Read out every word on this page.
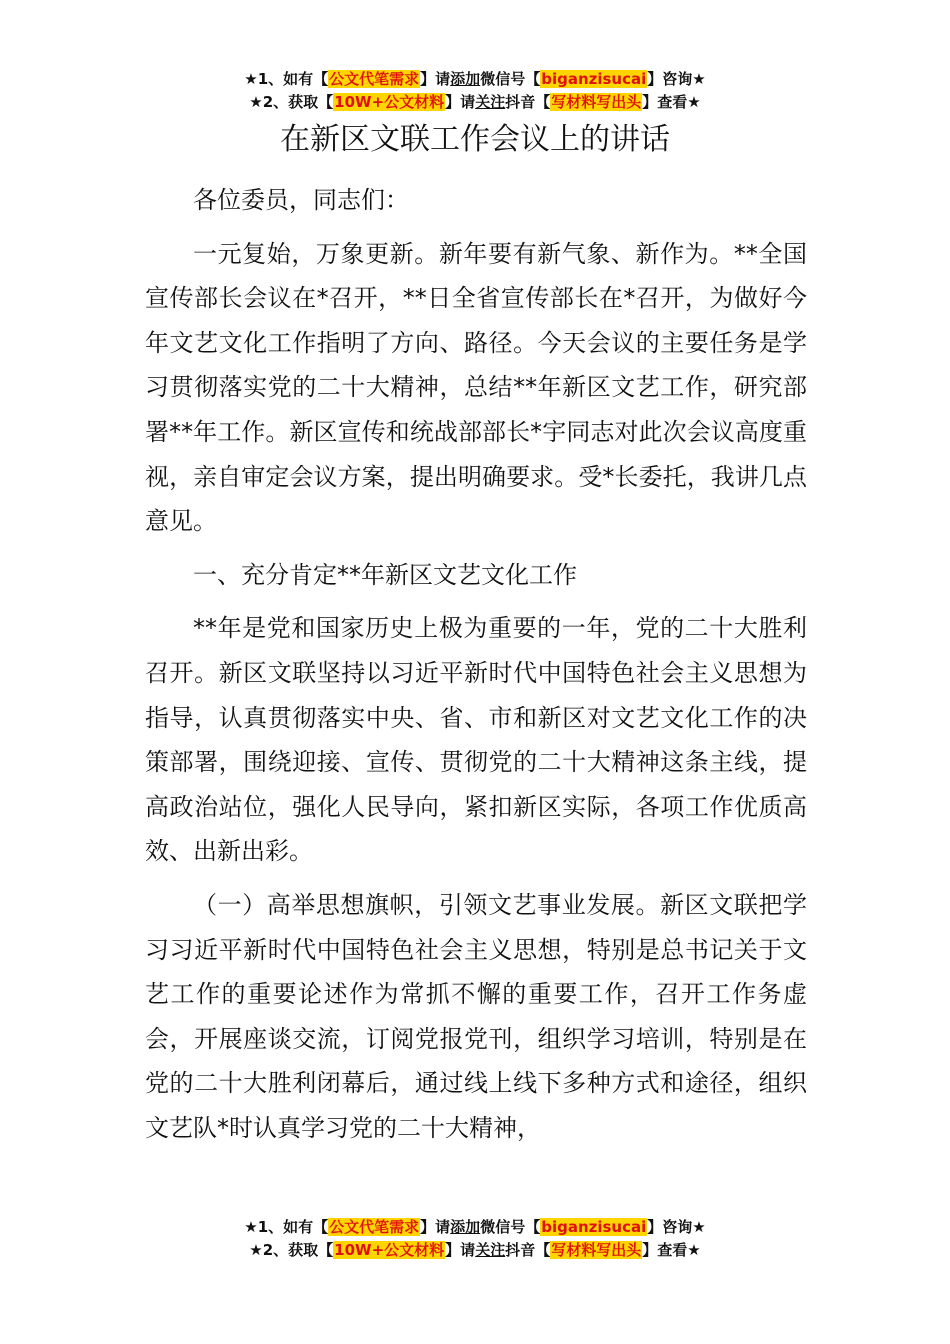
★1、如有【公文代笔需求】请添加微信号【biganzisucai】咨询★
★2、获取【10W+公文材料】请关注抖音【写材料写出头】查看★
在新区文联工作会议上的讲话

各位委员，同志们：

一元复始，万象更新。新年要有新气象、新作为。**全国宣传部长会议在*召开，**日全省宣传部长在*召开，为做好今年文艺文化工作指明了方向、路径。今天会议的主要任务是学习贯彻落实党的二十大精神，总结**年新区文艺工作，研究部署**年工作。新区宣传和统战部部长*宇同志对此次会议高度重视，亲自审定会议方案，提出明确要求。受*长委托，我讲几点意见。

一、充分肯定**年新区文艺文化工作

**年是党和国家历史上极为重要的一年，党的二十大胜利召开。新区文联坚持以习近平新时代中国特色社会主义思想为指导，认真贯彻落实中央、省、市和新区对文艺文化工作的决策部署，围绕迎接、宣传、贯彻党的二十大精神这条主线，提高政治站位，强化人民导向，紧扣新区实际，各项工作优质高效、出新出彩。

（一）高举思想旗帜，引领文艺事业发展。新区文联把学习习近平新时代中国特色社会主义思想，特别是总书记关于文艺工作的重要论述作为常抓不懈的重要工作，召开工作务虚会，开展座谈交流，订阅党报党刊，组织学习培训，特别是在党的二十大胜利闭幕后，通过线上线下多种方式和途径，组织文艺队*时认真学习党的二十大精神，

★1、如有【公文代笔需求】请添加微信号【biganzisucai】咨询★
★2、获取【10W+公文材料】请关注抖音【写材料写出头】查看★
